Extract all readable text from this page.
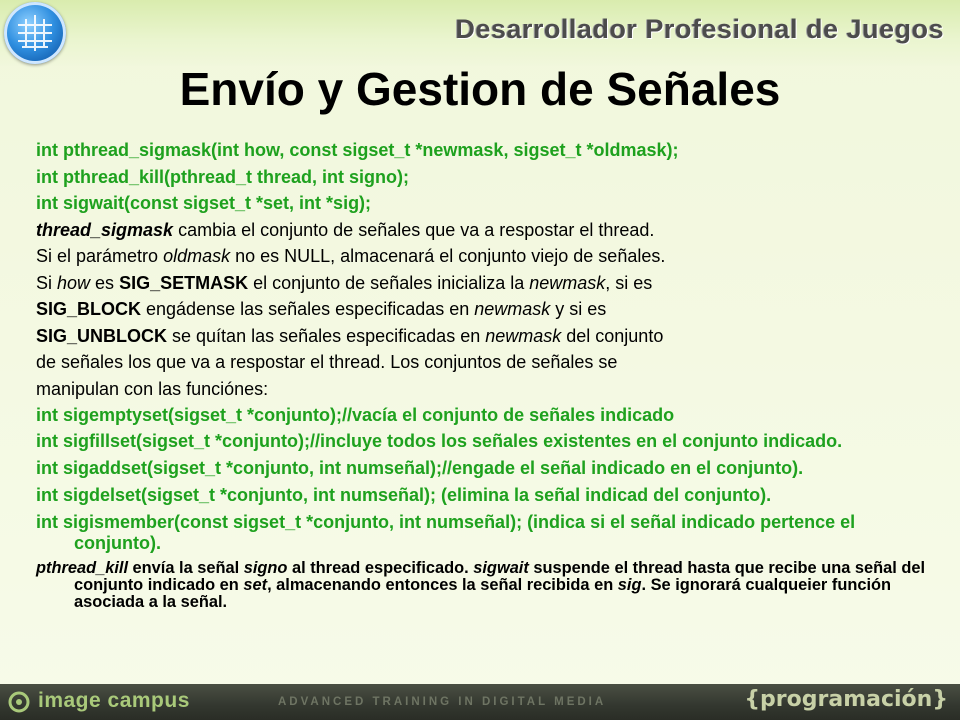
Desarrollador Profesional de Juegos
Envío y Gestion de Señales
int pthread_sigmask(int how, const sigset_t *newmask, sigset_t *oldmask);
int pthread_kill(pthread_t thread, int signo);
int sigwait(const sigset_t *set, int *sig);
thread_sigmask cambia el conjunto de señales que va a respostar el thread.
Si el parámetro oldmask no es NULL, almacenará el conjunto viejo de señales.
Si how es SIG_SETMASK el conjunto de señales inicializa la newmask, si es
SIG_BLOCK engádense las señales especificadas en newmask y si es
SIG_UNBLOCK se quítan las señales especificadas en newmask del conjunto
de señales los que va a respostar el thread. Los conjuntos de señales se
manipulan con las funciónes:
int sigemptyset(sigset_t *conjunto);//vacía el conjunto de señales indicado
int sigfillset(sigset_t *conjunto);//incluye todos los señales existentes en el conjunto indicado.
int sigaddset(sigset_t *conjunto, int numseñal);//engade el señal indicado en el conjunto).
int sigdelset(sigset_t *conjunto, int numseñal); (elimina la señal indicad del conjunto).
int sigismember(const sigset_t *conjunto, int numseñal); (indica si el señal indicado pertence el conjunto).
pthread_kill envía la señal signo al thread especificado. sigwait suspende el thread hasta que recibe una señal del conjunto indicado en set, almacenando entonces la señal recibida en sig. Se ignorará cualqueier función asociada a la señal.
image campus	ADVANCED TRAINING IN DIGITAL MEDIA	{programación}
